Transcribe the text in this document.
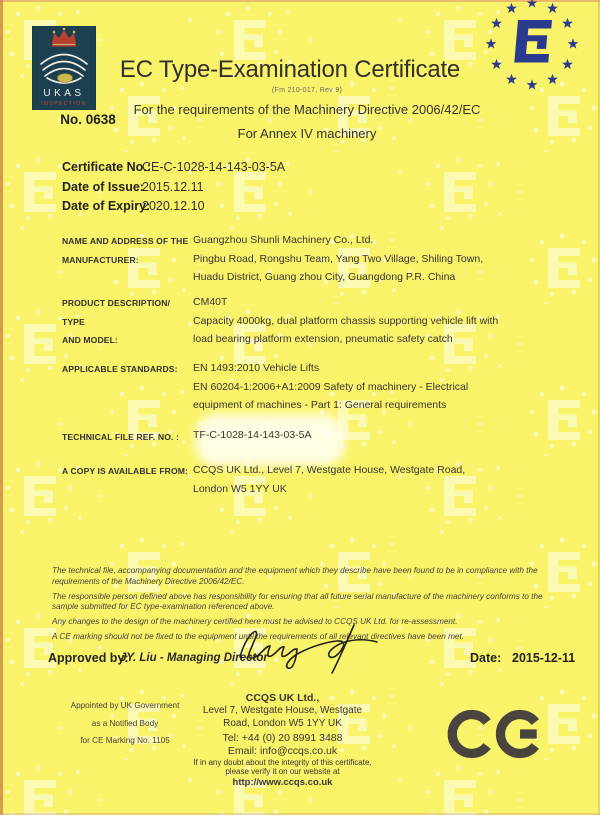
UKAS
INSPECTION
No. 0638
EC Type-Examination Certificate
(Fm 210-017, Rev 9)
For the requirements of the Machinery Directive 2006/42/EC
For Annex IV machinery
Certificate No.:
CE-C-1028-14-143-03-5A
Date of Issue:
2015.12.11
Date of Expiry:
2020.12.10
NAME AND ADDRESS OF THE
MANUFACTURER:
Guangzhou Shunli Machinery Co., Ltd.
Pingbu Road, Rongshu Team, Yang Two Village, Shiling Town,
Huadu District, Guang zhou City, Guangdong P.R. China
PRODUCT DESCRIPTION/ TYPE
AND MODEL:
CM40T
Capacity 4000kg, dual platform chassis supporting vehicle lift with
load bearing platform extension, pneumatic safety catch
APPLICABLE STANDARDS:	EN 1493:2010 Vehicle Lifts
EN 60204-1:2006+A1:2009 Safety of machinery - Electrical
equipment of machines - Part 1: General requirements
TECHNICAL FILE REF. NO. :	TF-C-1028-14-143-03-5A
A COPY IS AVAILABLE FROM: CCQS UK Ltd., Level 7, Westgate House, Westgate Road,
London W5 1YY UK
The technical file, accompanying documentation and the equipment which they describe have been found to be in compliance with the requirements of the Machinery Directive 2006/42/EC.
The responsible person defined above has responsibility for ensuring that all future serial manufacture of the machinery conforms to the sample submitted for EC type-examination referenced above.
Any changes to the design of the machinery certified here must be advised to CCQS UK Ltd. for re-assessment.
A CE marking should not be fixed to the equipment until the requirements of all relevant directives have been met.
Approved by:
JY. Liu - Managing Director	Date: 2015-12-11
Appointed by UK Government
as a Notified Body
for CE Marking No. 1105
CCQS UK Ltd.,
Level 7, Westgate House, Westgate
Road, London W5 1YY UK
Tel: +44 (0) 20 8991 3488
Email: info@ccqs.co.uk
If in any doubt about the integrity of this certificate,
please verify it on our website at
http://www.ccqs.co.uk
